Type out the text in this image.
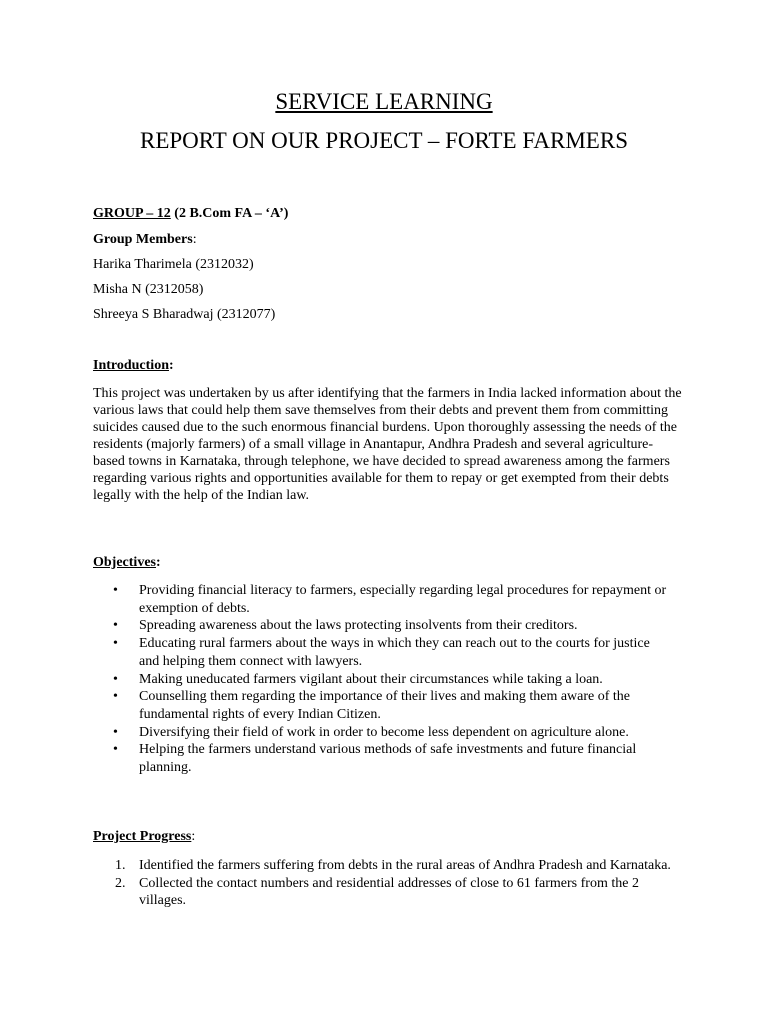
SERVICE LEARNING
REPORT ON OUR PROJECT – FORTE FARMERS
GROUP – 12 (2 B.Com FA – ‘A’)
Group Members:
Harika Tharimela (2312032)
Misha N (2312058)
Shreeya S Bharadwaj (2312077)
Introduction:
This project was undertaken by us after identifying that the farmers in India lacked information about the various laws that could help them save themselves from their debts and prevent them from committing suicides caused due to the such enormous financial burdens. Upon thoroughly assessing the needs of the residents (majorly farmers) of a small village in Anantapur, Andhra Pradesh and several agriculture-based towns in Karnataka, through telephone, we have decided to spread awareness among the farmers regarding various rights and opportunities available for them to repay or get exempted from their debts legally with the help of the Indian law.
Objectives:
• Providing financial literacy to farmers, especially regarding legal procedures for repayment or exemption of debts.
• Spreading awareness about the laws protecting insolvents from their creditors.
• Educating rural farmers about the ways in which they can reach out to the courts for justice and helping them connect with lawyers.
• Making uneducated farmers vigilant about their circumstances while taking a loan.
• Counselling them regarding the importance of their lives and making them aware of the fundamental rights of every Indian Citizen.
• Diversifying their field of work in order to become less dependent on agriculture alone.
• Helping the farmers understand various methods of safe investments and future financial planning.
Project Progress:
1. Identified the farmers suffering from debts in the rural areas of Andhra Pradesh and Karnataka.
2. Collected the contact numbers and residential addresses of close to 61 farmers from the 2 villages.
